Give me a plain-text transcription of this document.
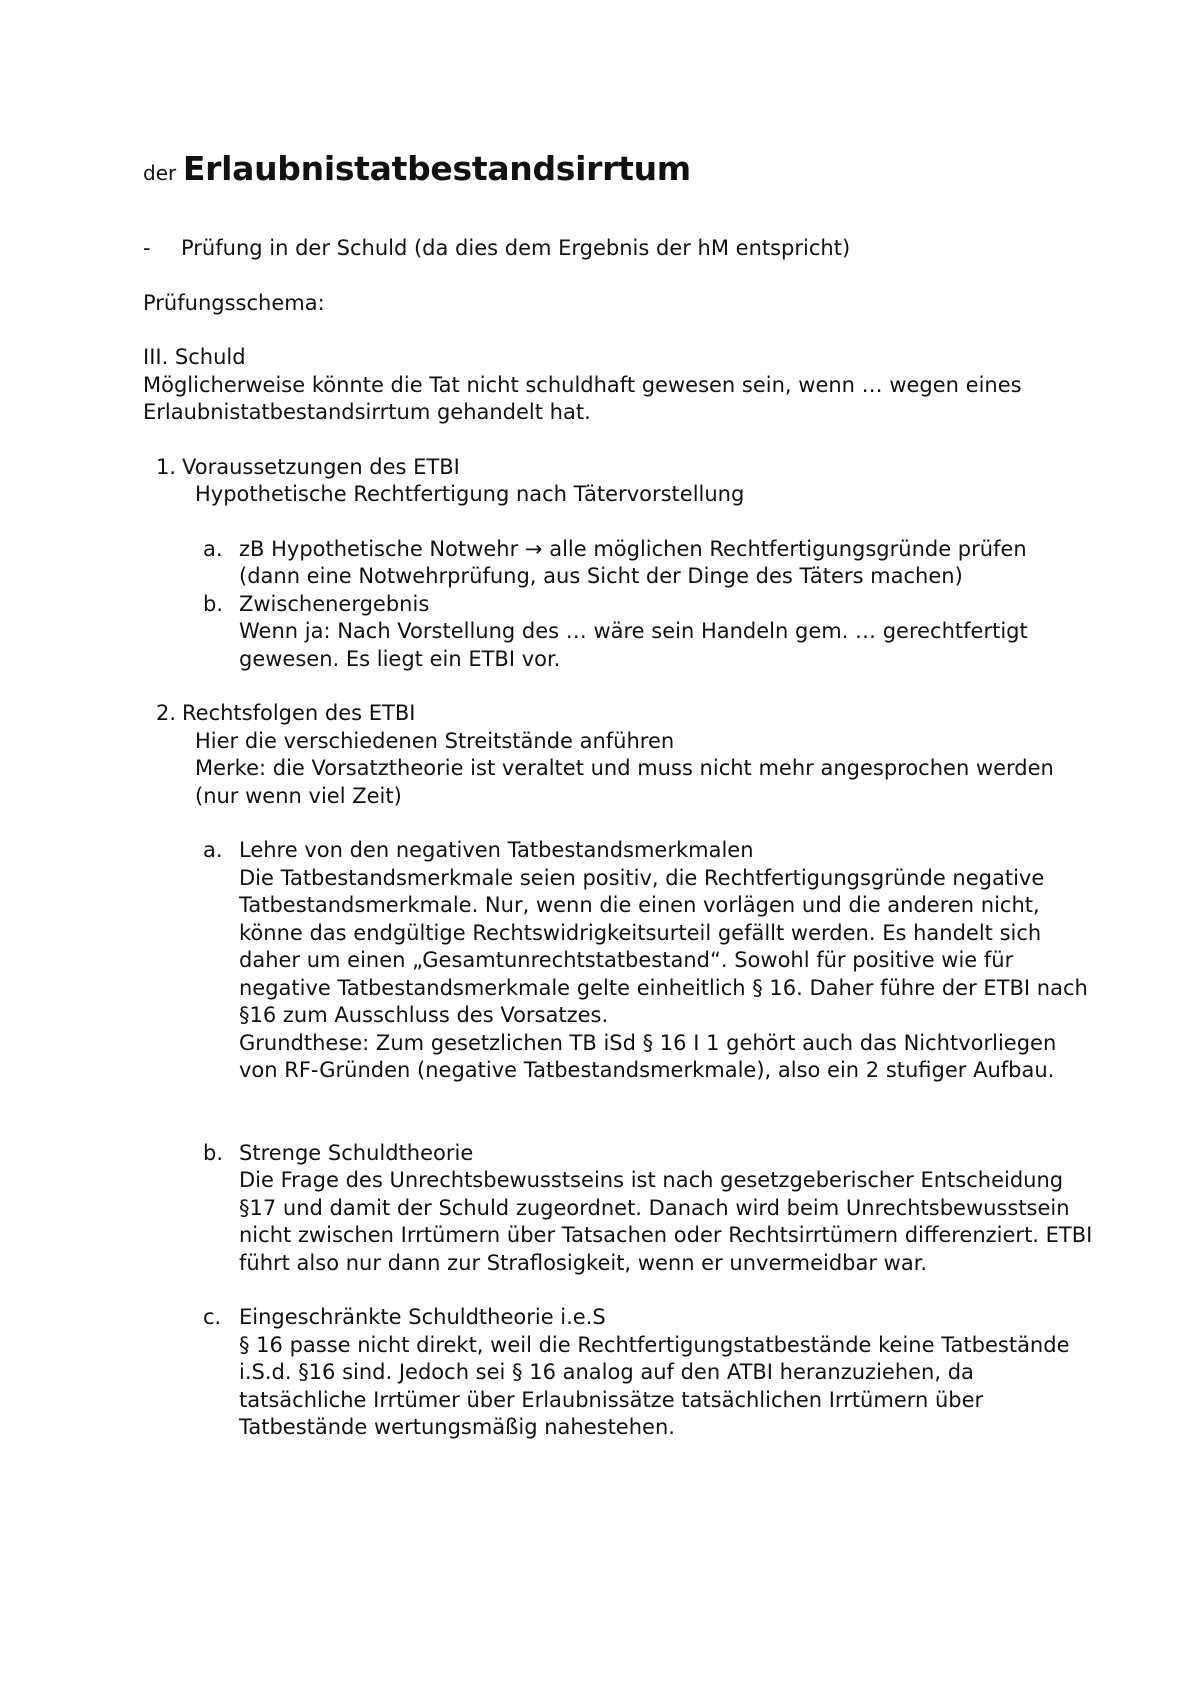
der Erlaubnistatbestandsirrtum
-	Prüfung in der Schuld (da dies dem Ergebnis der hM entspricht)

Prüfungsschema:

III. Schuld

Möglicherweise könnte die Tat nicht schuldhaft gewesen sein, wenn … wegen eines Erlaubnistatbestandsirrtum gehandelt hat.

1. Voraussetzungen des ETBI

Hypothetische Rechtfertigung nach Tätervorstellung

a. zB Hypothetische Notwehr → alle möglichen Rechtfertigungsgründe prüfen (dann eine Notwehrprüfung, aus Sicht der Dinge des Täters machen)

b. Zwischenergebnis

Wenn ja: Nach Vorstellung des … wäre sein Handeln gem. … gerechtfertigt gewesen. Es liegt ein ETBI vor.

2. Rechtsfolgen des ETBI

Hier die verschiedenen Streitstände anführen

Merke: die Vorsatztheorie ist veraltet und muss nicht mehr angesprochen werden (nur wenn viel Zeit)

a. Lehre von den negativen Tatbestandsmerkmalen

Die Tatbestandsmerkmale seien positiv, die Rechtfertigungsgründe negative Tatbestandsmerkmale. Nur, wenn die einen vorlägen und die anderen nicht, könne das endgültige Rechtswidrigkeitsurteil gefällt werden. Es handelt sich daher um einen „Gesamtunrechtstatbestand“. Sowohl für positive wie für negative Tatbestandsmerkmale gelte einheitlich § 16. Daher führe der ETBI nach §16 zum Ausschluss des Vorsatzes.

Grundthese: Zum gesetzlichen TB iSd § 16 I 1 gehört auch das Nichtvorliegen von RF-Gründen (negative Tatbestandsmerkmale), also ein 2 stufiger Aufbau.

b. Strenge Schuldtheorie

Die Frage des Unrechtsbewusstseins ist nach gesetzgeberischer Entscheidung §17 und damit der Schuld zugeordnet. Danach wird beim Unrechtsbewusstsein nicht zwischen Irrtümern über Tatsachen oder Rechtsirrtümern differenziert. ETBI führt also nur dann zur Straflosigkeit, wenn er unvermeidbar war.

c. Eingeschränkte Schuldtheorie i.e.S

§ 16 passe nicht direkt, weil die Rechtfertigungstatbestände keine Tatbestände i.S.d. §16 sind. Jedoch sei § 16 analog auf den ATBI heranzuziehen, da tatsächliche Irrtümer über Erlaubnissätze tatsächlichen Irrtümern über Tatbestände wertungsmäßig nahestehen.
